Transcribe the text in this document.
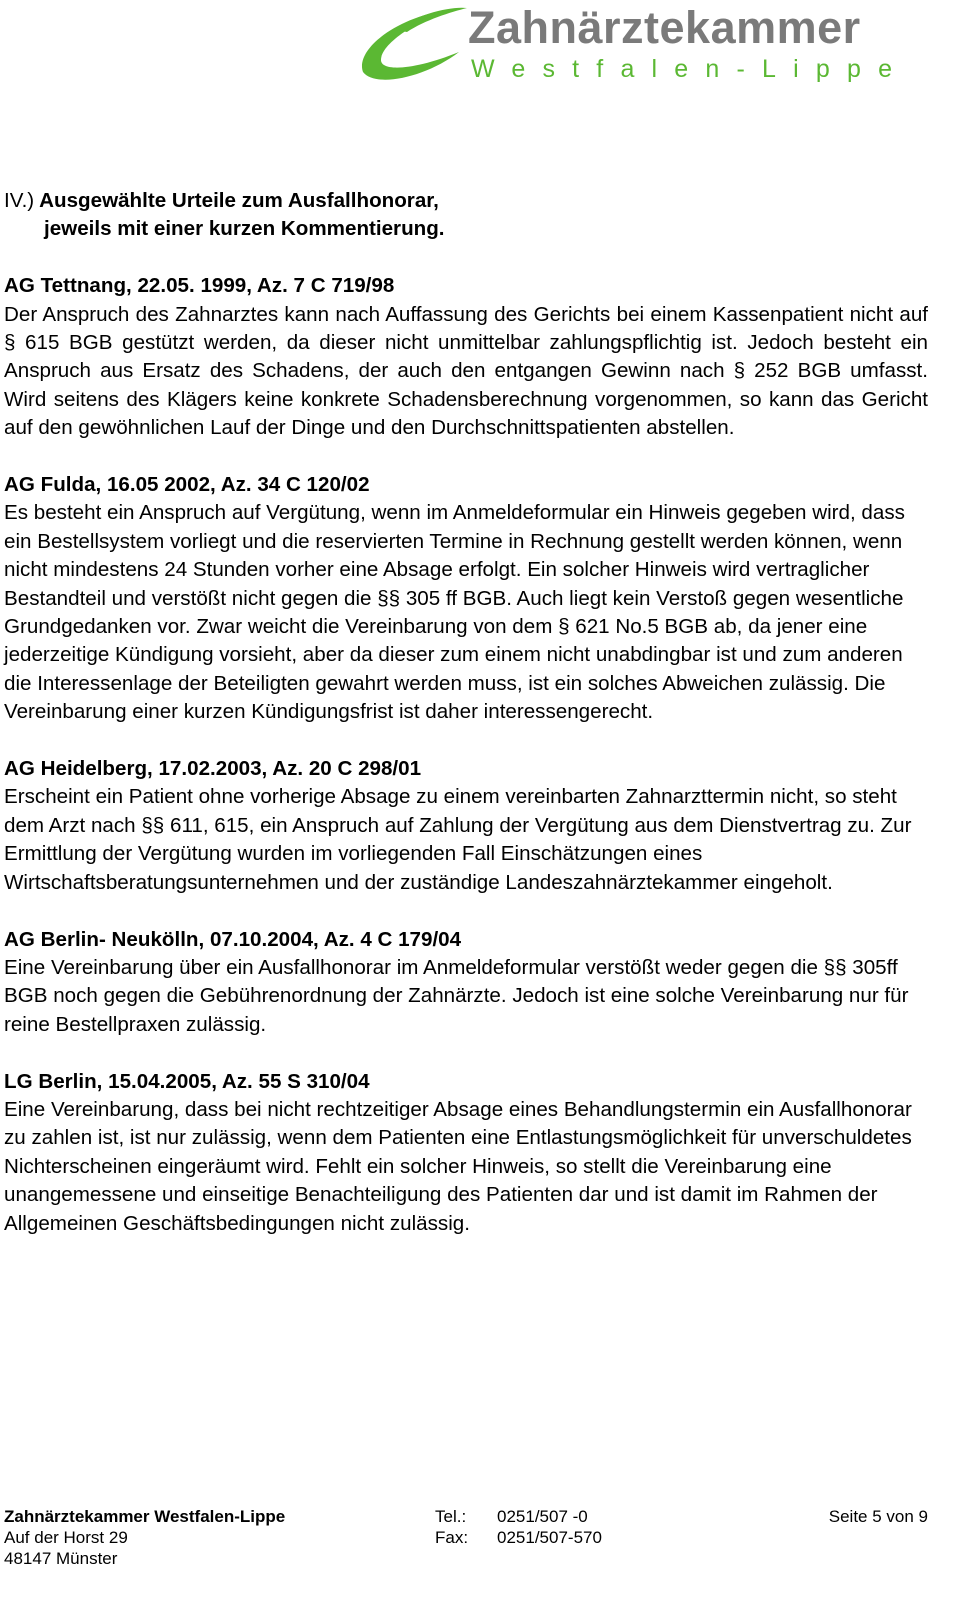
Zahnärztekammer
Westfalen-Lippe
IV.) Ausgewählte Urteile zum Ausfallhonorar,
jeweils mit einer kurzen Kommentierung.
AG Tettnang, 22.05. 1999, Az. 7 C 719/98

Der Anspruch des Zahnarztes kann nach Auffassung des Gerichts bei einem Kassenpatient nicht auf § 615 BGB gestützt werden, da dieser nicht unmittelbar zahlungspflichtig ist. Jedoch besteht ein Anspruch aus Ersatz des Schadens, der auch den entgangen Gewinn nach § 252 BGB umfasst. Wird seitens des Klägers keine konkrete Schadensberechnung vorgenommen, so kann das Gericht auf den gewöhnlichen Lauf der Dinge und den Durchschnittspatienten abstellen.

AG Fulda, 16.05 2002, Az. 34 C 120/02

Es besteht ein Anspruch auf Vergütung, wenn im Anmeldeformular ein Hinweis gegeben wird, dass ein Bestellsystem vorliegt und die reservierten Termine in Rechnung gestellt werden können, wenn nicht mindestens 24 Stunden vorher eine Absage erfolgt. Ein solcher Hinweis wird vertraglicher Bestandteil und verstößt nicht gegen die §§ 305 ff BGB. Auch liegt kein Verstoß gegen wesentliche Grundgedanken vor. Zwar weicht die Vereinbarung von dem § 621 No.5 BGB ab, da jener eine jederzeitige Kündigung vorsieht, aber da dieser zum einem nicht unabdingbar ist und zum anderen die Interessenlage der Beteiligten gewahrt werden muss, ist ein solches Abweichen zulässig. Die Vereinbarung einer kurzen Kündigungsfrist ist daher interessengerecht.

AG Heidelberg, 17.02.2003, Az. 20 C 298/01

Erscheint ein Patient ohne vorherige Absage zu einem vereinbarten Zahnarzttermin nicht, so steht dem Arzt nach §§ 611, 615, ein Anspruch auf Zahlung der Vergütung aus dem Dienstvertrag zu. Zur Ermittlung der Vergütung wurden im vorliegenden Fall Einschätzungen eines Wirtschaftsberatungsunternehmen und der zuständige Landeszahnärztekammer eingeholt.

AG Berlin- Neukölln, 07.10.2004, Az. 4 C 179/04

Eine Vereinbarung über ein Ausfallhonorar im Anmeldeformular verstößt weder gegen die §§ 305ff BGB noch gegen die Gebührenordnung der Zahnärzte. Jedoch ist eine solche Vereinbarung nur für reine Bestellpraxen zulässig.

LG Berlin, 15.04.2005, Az. 55 S 310/04

Eine Vereinbarung, dass bei nicht rechtzeitiger Absage eines Behandlungstermin ein Ausfallhonorar zu zahlen ist, ist nur zulässig, wenn dem Patienten eine Entlastungsmöglichkeit für unverschuldetes Nichterscheinen eingeräumt wird. Fehlt ein solcher Hinweis, so stellt die Vereinbarung eine unangemessene und einseitige Benachteiligung des Patienten dar und ist damit im Rahmen der Allgemeinen Geschäftsbedingungen nicht zulässig.

Zahnärztekammer Westfalen-Lippe
Auf der Horst 29
48147 Münster
Tel.: 0251/507 -0
Fax: 0251/507-570
Seite 5 von 9
